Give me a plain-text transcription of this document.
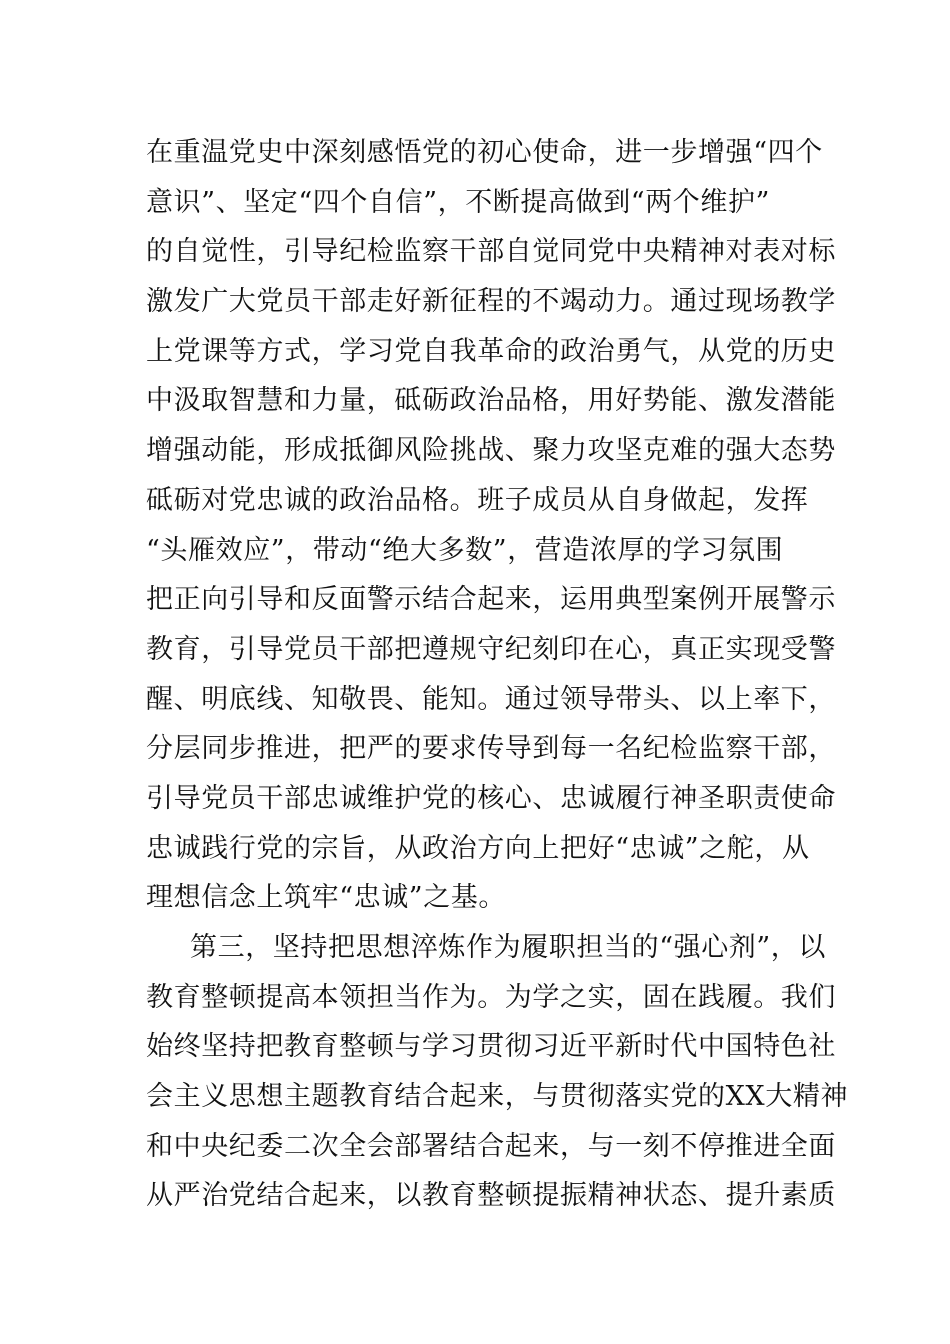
在重温党史中深刻感悟党的初心使命，进一步增强“四个
意识”、坚定“四个自信”，不断提高做到“两个维护”
的自觉性，引导纪检监察干部自觉同党中央精神对表对标
激发广大党员干部走好新征程的不竭动力。通过现场教学
上党课等方式，学习党自我革命的政治勇气，从党的历史
中汲取智慧和力量，砥砺政治品格，用好势能、激发潜能
增强动能，形成抵御风险挑战、聚力攻坚克难的强大态势
砥砺对党忠诚的政治品格。班子成员从自身做起，发挥
“头雁效应”，带动“绝大多数”，营造浓厚的学习氛围
把正向引导和反面警示结合起来，运用典型案例开展警示
教育，引导党员干部把遵规守纪刻印在心，真正实现受警
醒、明底线、知敬畏、能知。通过领导带头、以上率下，
分层同步推进，把严的要求传导到每一名纪检监察干部，
引导党员干部忠诚维护党的核心、忠诚履行神圣职责使命
忠诚践行党的宗旨，从政治方向上把好“忠诚”之舵，从
理想信念上筑牢“忠诚”之基。
第三，坚持把思想淬炼作为履职担当的“强心剂”，以
教育整顿提高本领担当作为。为学之实，固在践履。我们
始终坚持把教育整顿与学习贯彻习近平新时代中国特色社
会主义思想主题教育结合起来，与贯彻落实党的XX大精神
和中央纪委二次全会部署结合起来，与一刻不停推进全面
从严治党结合起来，以教育整顿提振精神状态、提升素质
